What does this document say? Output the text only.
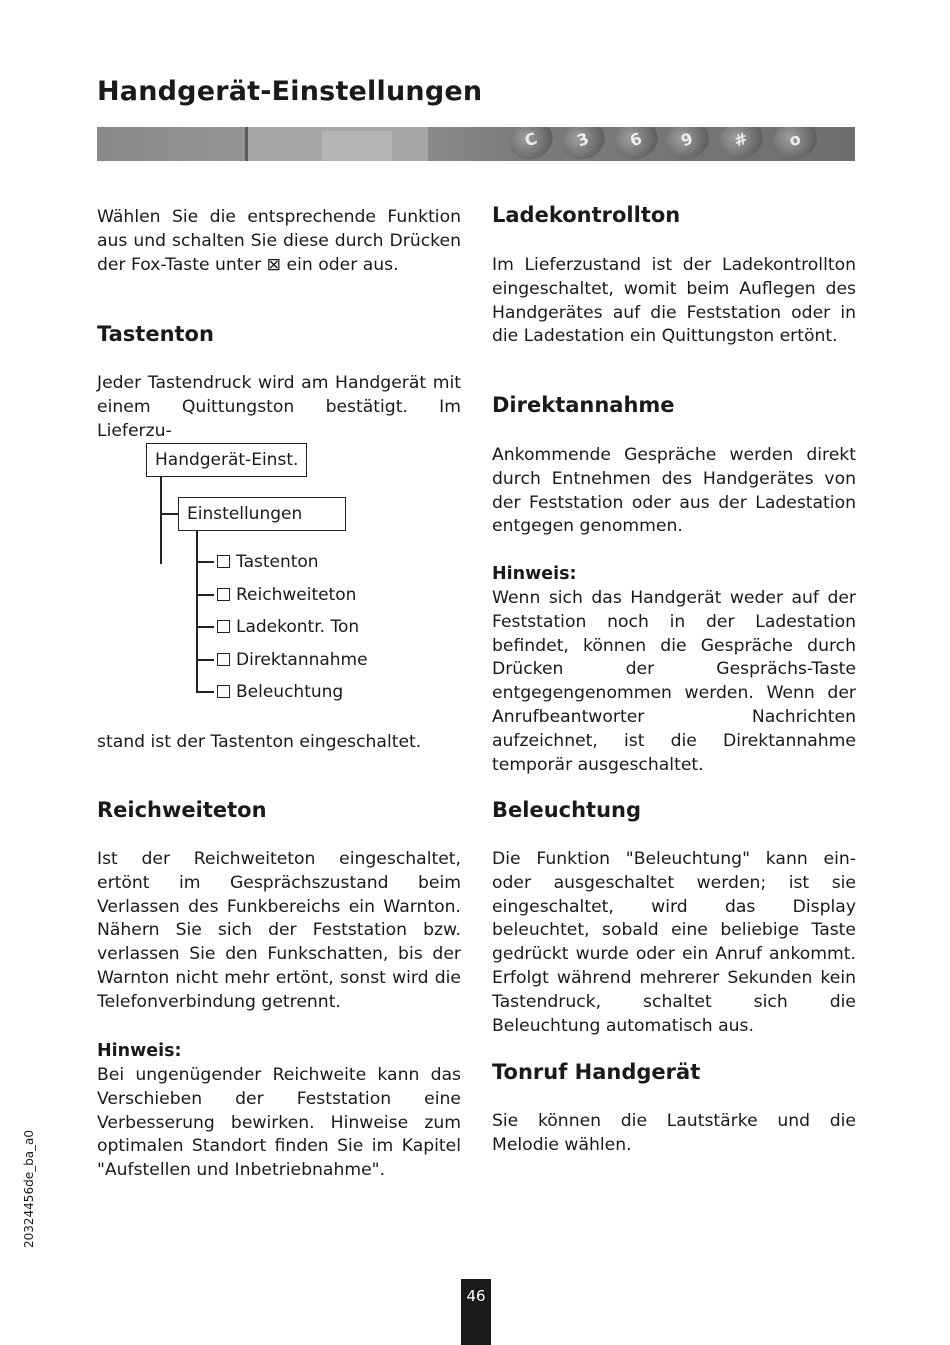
Handgerät-Einstellungen
C	3	6	9	#	o

Wählen Sie die entsprechende Funktion aus und schalten Sie diese durch Drücken der Fox-Taste unter ⊠ ein oder aus.

Tastenton

Jeder Tastendruck wird am Handgerät mit einem Quittungston bestätigt. Im Lieferzu-

Handgerät-Einst.
Einstellungen
Tastenton
Reichweiteton
Ladekontr. Ton
Direktannahme
Beleuchtung

stand ist der Tastenton eingeschaltet.

Reichweiteton

Ist der Reichweiteton eingeschaltet, ertönt im Gesprächszustand beim Verlassen des Funkbereichs ein Warnton. Nähern Sie sich der Feststation bzw. verlassen Sie den Funkschatten, bis der Warnton nicht mehr ertönt, sonst wird die Telefonverbindung getrennt.

Hinweis:

Bei ungenügender Reichweite kann das Verschieben der Feststation eine Verbesserung bewirken. Hinweise zum optimalen Standort finden Sie im Kapitel "Aufstellen und Inbetriebnahme".

Ladekontrollton

Im Lieferzustand ist der Ladekontrollton eingeschaltet, womit beim Auflegen des Handgerätes auf die Feststation oder in die Ladestation ein Quittungston ertönt.

Direktannahme

Ankommende Gespräche werden direkt durch Entnehmen des Handgerätes von der Feststation oder aus der Ladestation entgegen genommen.

Hinweis:

Wenn sich das Handgerät weder auf der Feststation noch in der Ladestation befindet, können die Gespräche durch Drücken der Gesprächs-Taste entgegengenommen werden. Wenn der Anrufbeantworter Nachrichten aufzeichnet, ist die Direktannahme temporär ausgeschaltet.

Beleuchtung

Die Funktion "Beleuchtung" kann ein- oder ausgeschaltet werden; ist sie eingeschaltet, wird das Display beleuchtet, sobald eine beliebige Taste gedrückt wurde oder ein Anruf ankommt. Erfolgt während mehrerer Sekunden kein Tastendruck, schaltet sich die Beleuchtung automatisch aus.

Tonruf Handgerät

Sie können die Lautstärke und die Melodie wählen.

20324456de_ba_a0
46
